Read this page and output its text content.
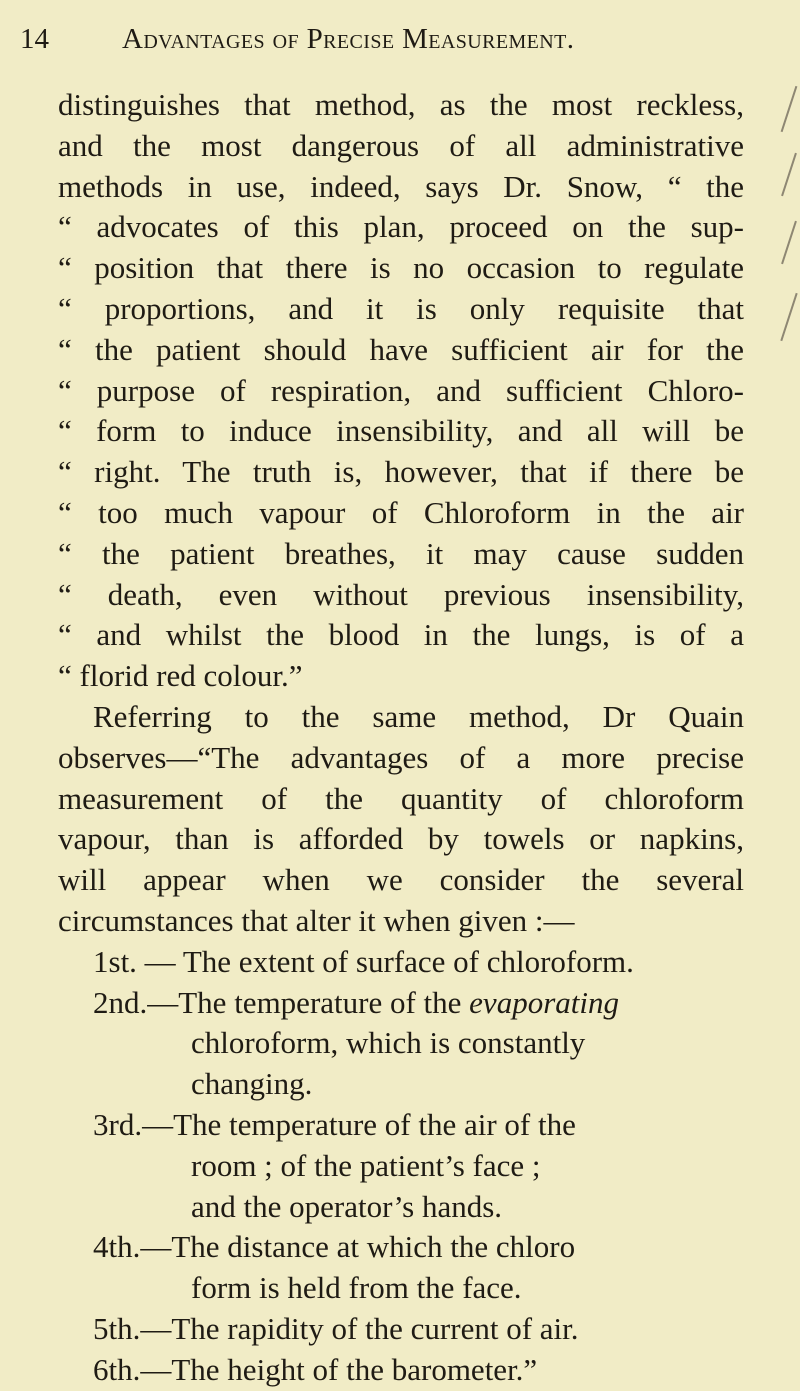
14	Advantages of Precise Measurement.
distinguishes that method, as the most reckless,
and the most dangerous of all administrative
methods in use, indeed, says Dr. Snow, “ the
“ advocates of this plan, proceed on the sup-
“ position that there is no occasion to regulate
“ proportions, and it is only requisite that
“ the patient should have sufficient air for the
“ purpose of respiration, and sufficient Chloro-
“ form to induce insensibility, and all will be
“ right. The truth is, however, that if there be
“ too much vapour of Chloroform in the air
“ the patient breathes, it may cause sudden
“ death, even without previous insensibility,
“ and whilst the blood in the lungs, is of a
“ florid red colour.”
Referring to the same method, Dr Quain
observes—“The advantages of a more precise
measurement of the quantity of chloroform
vapour, than is afforded by towels or napkins,
will appear when we consider the several
circumstances that alter it when given :—
1st. — The extent of surface of chloroform.
2nd.—The temperature of the evaporating
chloroform, which is constantly
changing.
3rd.—The temperature of the air of the
room ; of the patient’s face ;
and the operator’s hands.
4th.—The distance at which the chloro
form is held from the face.
5th.—The rapidity of the current of air.
6th.—The height of the barometer.”
